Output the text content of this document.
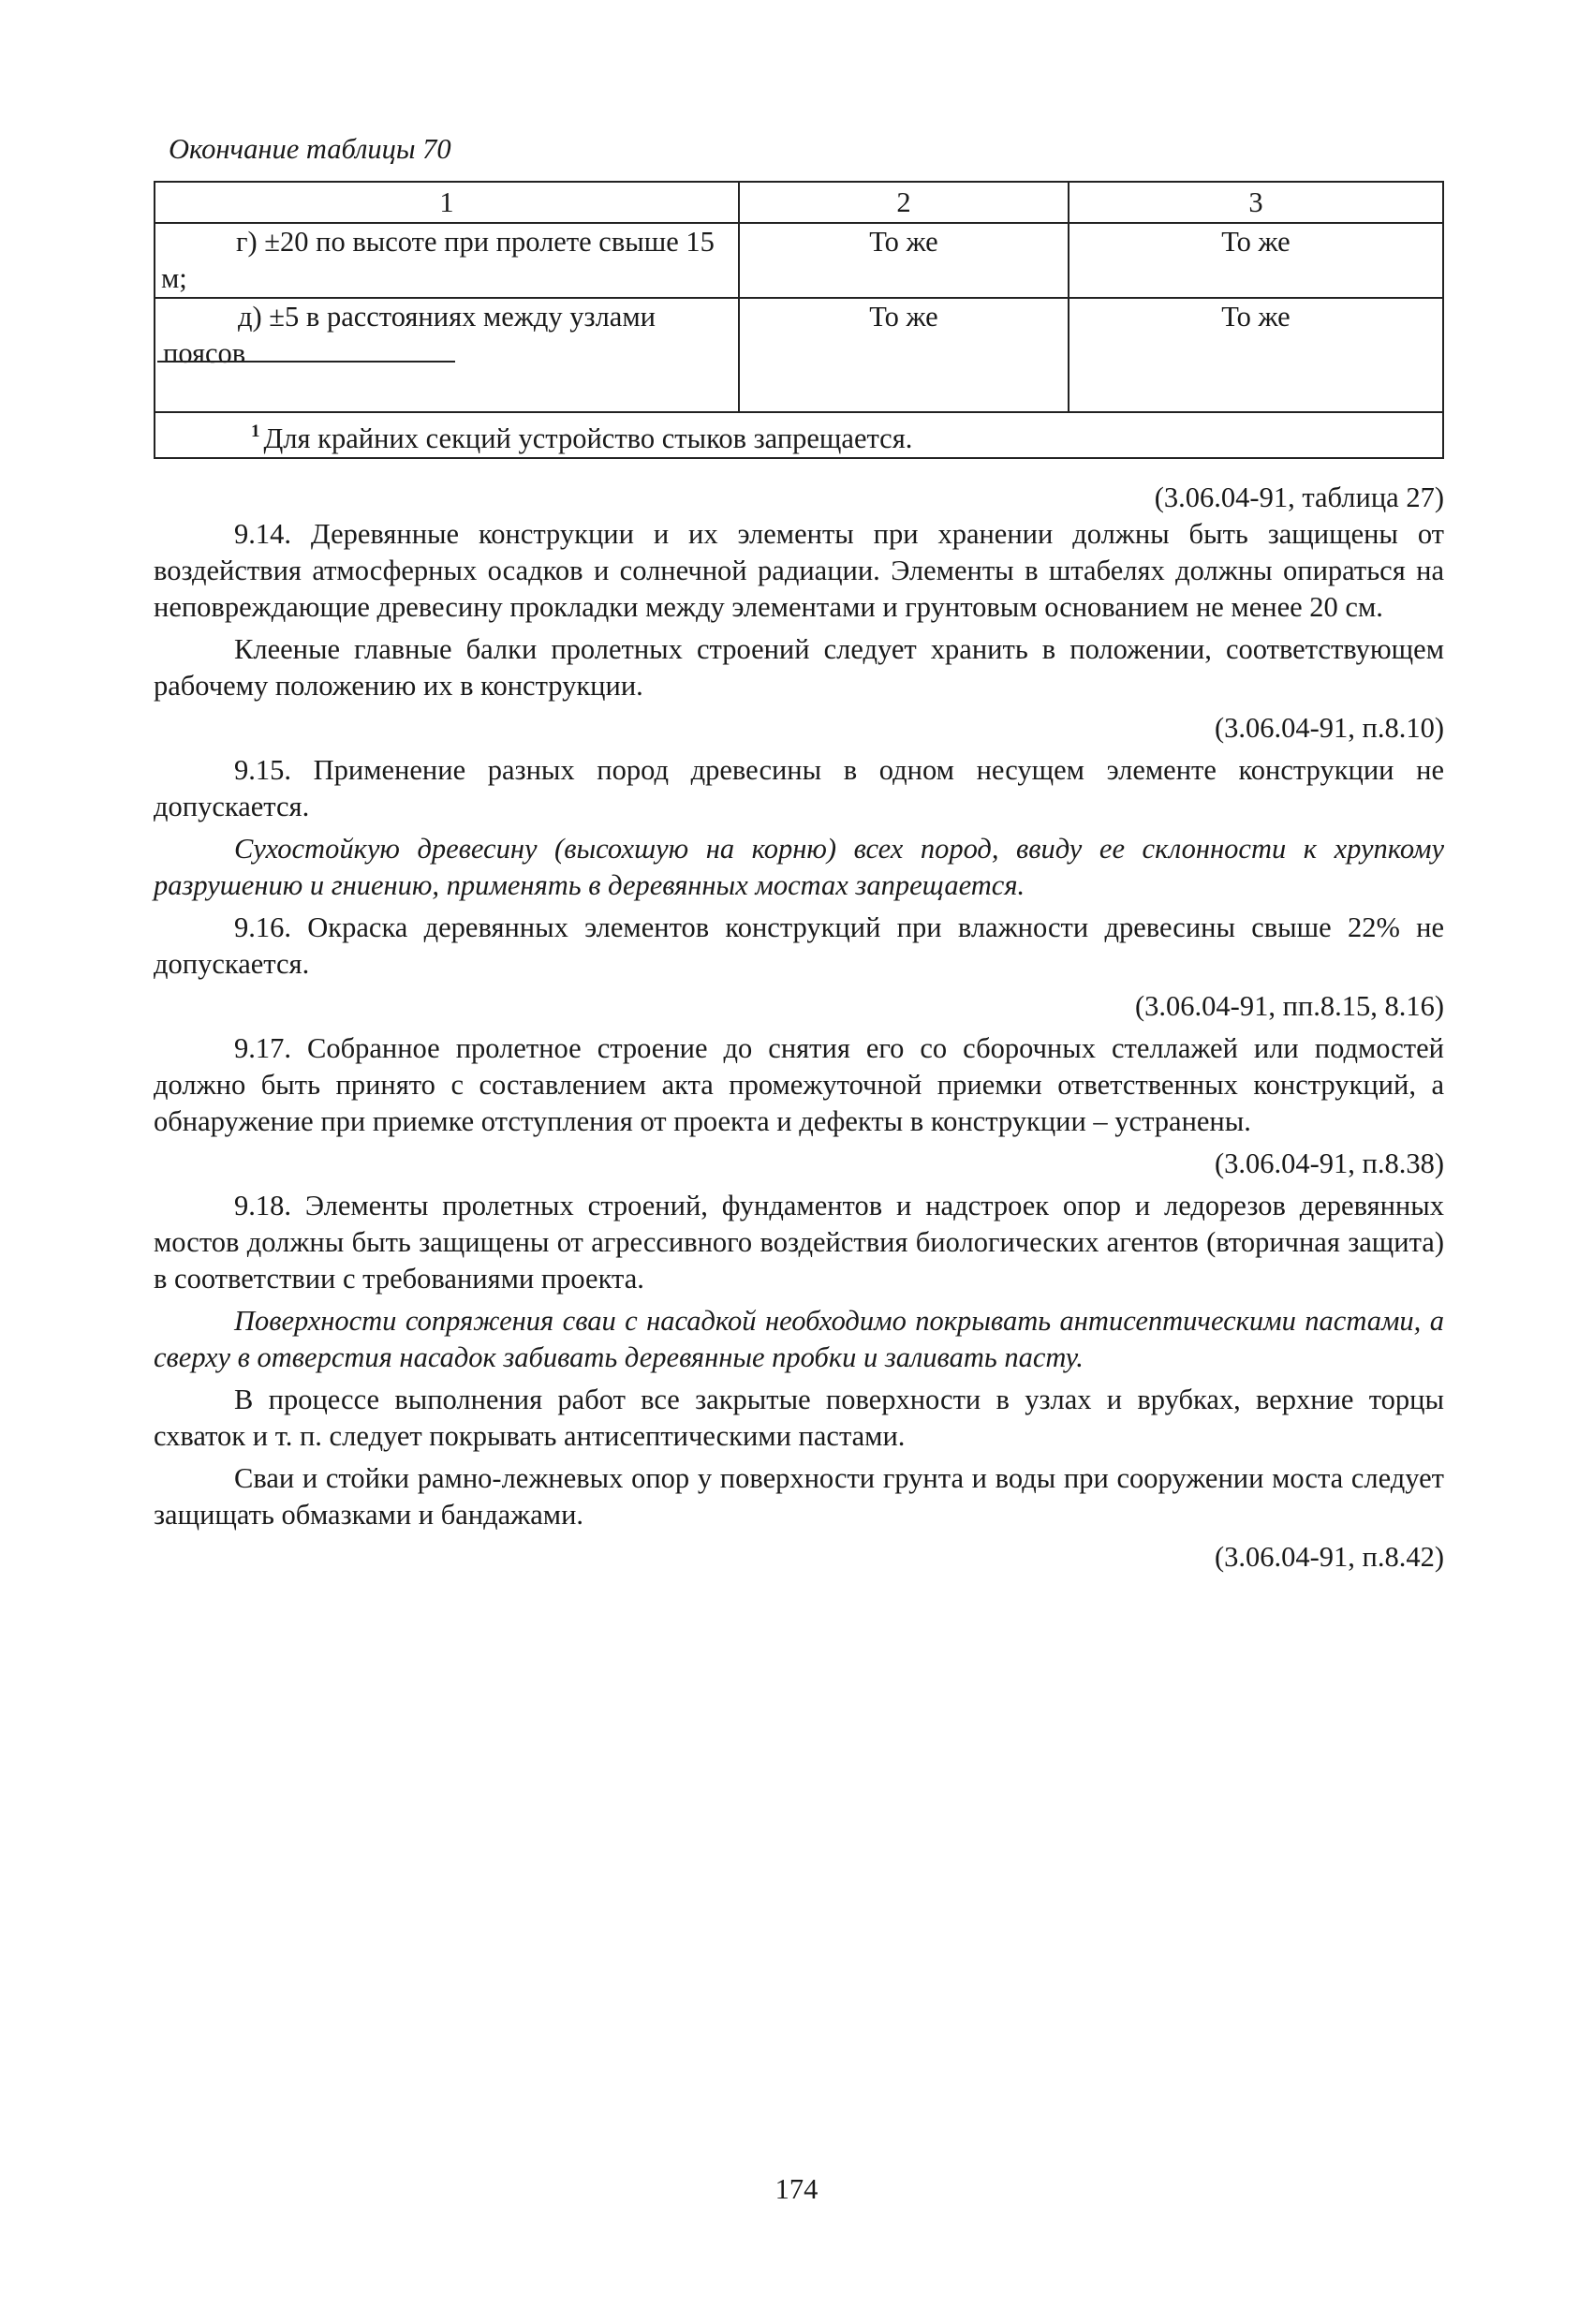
Окончание таблицы 70
1	2	3
г) ±20 по высоте при пролете свыше 15 м;	То же	То же

д) ±5 в расстояниях между узлами поясов	То же	То же
$^1$ Для крайних секций устройство стыков запрещается.		
(3.06.04-91, таблица 27)

9.14. Деревянные конструкции и их элементы при хранении должны быть защищены от воздействия атмосферных осадков и солнечной радиации. Элементы в штабелях должны опираться на неповреждающие древесину прокладки между элементами и грунтовым основанием не менее 20 см.

Клееные главные балки пролетных строений следует хранить в положении, соответствующем рабочему положению их в конструкции.

(3.06.04-91, п.8.10)

9.15. Применение разных пород древесины в одном несущем элементе конструкции не допускается.

Сухостойкую древесину (высохшую на корню) всех пород, ввиду ее склонности к хрупкому разрушению и гниению, применять в деревянных мостах запрещается.

9.16. Окраска деревянных элементов конструкций при влажности древесины свыше 22% не допускается.

(3.06.04-91, пп.8.15, 8.16)

9.17. Собранное пролетное строение до снятия его со сборочных стеллажей или подмостей должно быть принято с составлением акта промежуточной приемки ответственных конструкций, а обнаружение при приемке отступления от проекта и дефекты в конструкции – устранены.

(3.06.04-91, п.8.38)

9.18. Элементы пролетных строений, фундаментов и надстроек опор и ледорезов деревянных мостов должны быть защищены от агрессивного воздействия биологических агентов (вторичная защита) в соответствии с требованиями проекта.

Поверхности сопряжения сваи с насадкой необходимо покрывать антисептическими пастами, а сверху в отверстия насадок забивать деревянные пробки и заливать пасту.

В процессе выполнения работ все закрытые поверхности в узлах и врубках, верхние торцы схваток и т. п. следует покрывать антисептическими пастами.

Сваи и стойки рамно-лежневых опор у поверхности грунта и воды при сооружении моста следует защищать обмазками и бандажами.

(3.06.04-91, п.8.42)
174
